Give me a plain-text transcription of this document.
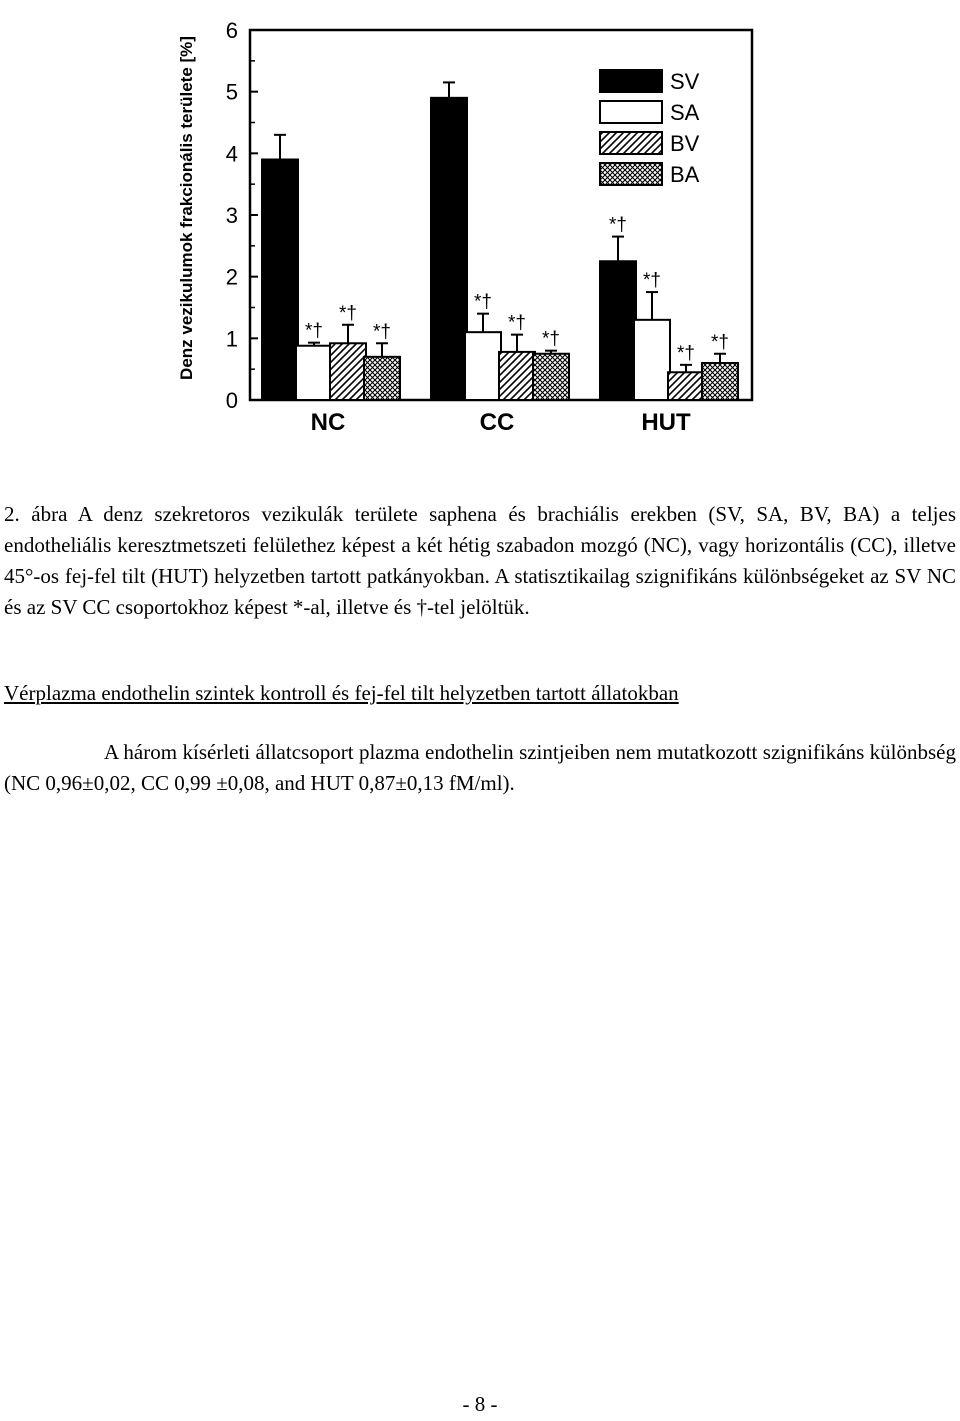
0
1
2
3
4
5
6
*†
*†
*†
*†
*†
*†
*†
*†
*†
*†
NC	CC	HUT
SV
SA
BV
BA
Denz vezikulumok frakcionális területe [%]
2. ábra A denz szekretoros vezikulák területe saphena és brachiális erekben (SV, SA, BV, BA) a teljes endotheliális keresztmetszeti felülethez képest a két hétig szabadon mozgó (NC), vagy horizontális (CC), illetve 45°-os fej-fel tilt (HUT) helyzetben tartott patkányokban. A statisztikailag szignifikáns különbségeket az SV NC és az SV CC csoportokhoz képest *-al, illetve és †-tel jelöltük.
Vérplazma endothelin szintek kontroll és fej-fel tilt helyzetben tartott állatokban
A három kísérleti állatcsoport plazma endothelin szintjeiben nem mutatkozott szignifikáns különbség (NC 0,96±0,02, CC 0,99 ±0,08, and HUT 0,87±0,13 fM/ml).
- 8 -
